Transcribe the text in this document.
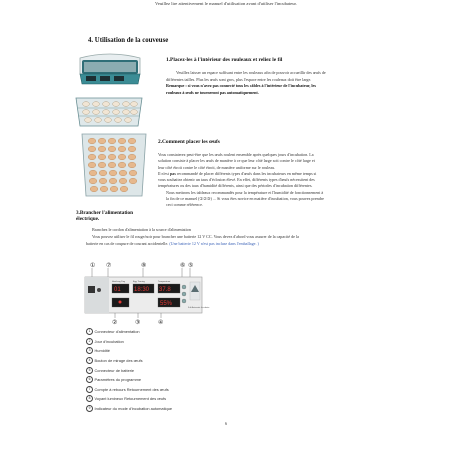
Veuillez lire attentivement le manuel d'utilisation avant d'utiliser l'incubateur.
4. Utilisation de la couveuse
1.Placez-les à l'intérieur des rouleaux et reliez le fil
Veuillez laisser un espace suffisant entre les rouleaux afin de pouvoir accueillir des œufs de
différentes tailles. Plus les œufs sont gros, plus l'espace entre les rouleaux doit être large.
Remarque : si vous n'avez pas connecté tous les câbles à l'intérieur de l'incubateur, les
rouleaux à œufs ne tourneront pas automatiquement.
2.Comment placer les œufs
Vous constaterez peut-être que les œufs roulent ensemble après quelques jours d'incubation. La
solution consiste à placer les œufs de manière à ce que leur côté large soit contre le côté large et
leur côté étroit contre le côté étroit, de manière uniforme sur le rouleau.
Il n'est pas recommandé de placer différents types d'œufs dans les incubateurs en même temps si
vous souhaitez obtenir un taux d'éclosion élevé. En effet, différents types d'œufs nécessitent des
températures ou des taux d'humidité différents, ainsi que des périodes d'incubation différentes.
Nous mettrons les tableaux recommandés pour la température et l'humidité de fonctionnement à
la fin de ce manuel (①②③) ... Si vous êtes novice en matière d'incubation, vous pouvez prendre
ceci comme référence.
3.Brancher l'alimentation
électrique.
Branchez le cordon d'alimentation à la source d'alimentation
Vous pouvez utiliser le fil rouge/noir pour brancher une batterie 12 V CC. Vous devez d'abord vous assurer de la capacité de la
batterie en cas de coupure de courant accidentelle. (Une batterie 12 V n'est pas incluse dans l'emballage. )
① ⑦	⑧	⑥ ⑤
Hatching Day
01
Egg Turning
18:30
Temperature
37.8
55%
Full Automatic Incubator
②	③	④
1	Connecteur d'alimentation
2	Jour d'incubation
3	Humidité
4	Bouton de mirage des œufs
5	Connecteur de batterie
6	Paramètres du programme
7	Compte à rebours Retournement des œufs
8	Voyant lumineux Retournement des œufs
9	Indicateur du mode d'incubation automatique
6
